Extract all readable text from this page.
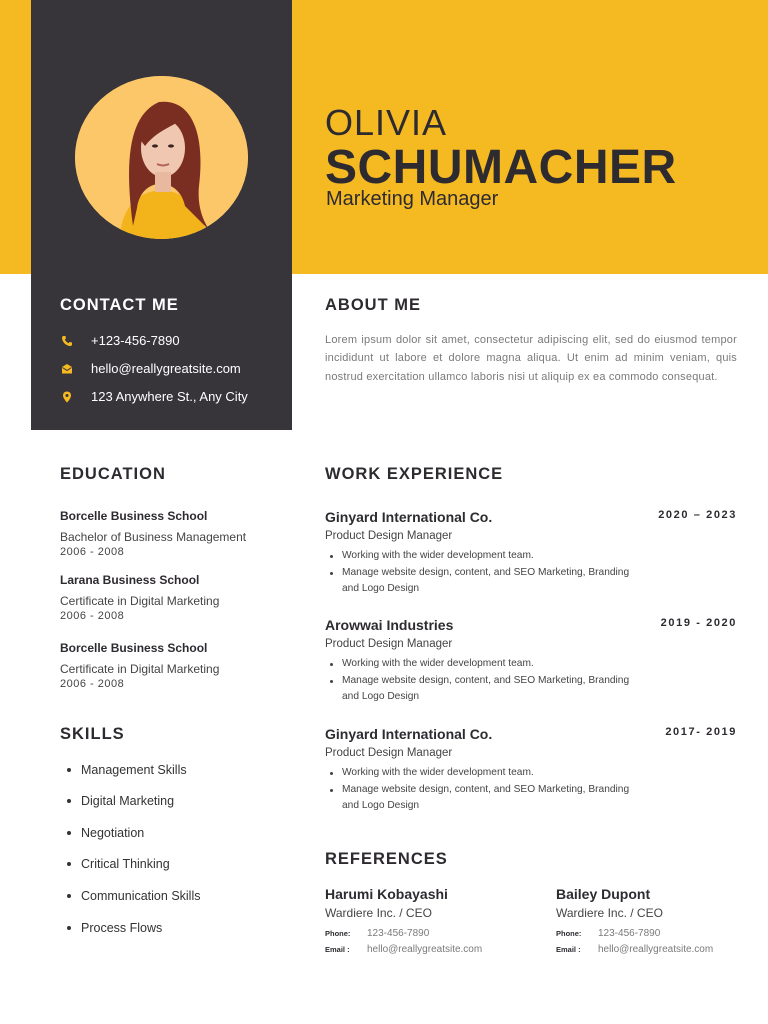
OLIVIA
SCHUMACHER
Marketing Manager
CONTACT ME
+123-456-7890
hello@reallygreatsite.com
123 Anywhere St., Any City
ABOUT ME
Lorem ipsum dolor sit amet, consectetur adipiscing elit, sed do eiusmod tempor incididunt ut labore et dolore magna aliqua. Ut enim ad minim veniam, quis nostrud exercitation ullamco laboris nisi ut aliquip ex ea commodo consequat.
EDUCATION
Borcelle Business School
Bachelor of Business Management
2006 - 2008
Larana Business School
Certificate in Digital Marketing
2006 - 2008
Borcelle Business School
Certificate in Digital Marketing
2006 - 2008
SKILLS
Management Skills
Digital Marketing
Negotiation
Critical Thinking
Communication Skills
Process Flows
WORK EXPERIENCE
Ginyard International Co.	2020 – 2023
Product Design Manager
Working with the wider development team.
Manage website design, content, and SEO Marketing, Branding and Logo Design
Arowwai Industries	2019 - 2020
Product Design Manager
Working with the wider development team.
Manage website design, content, and SEO Marketing, Branding and Logo Design
Ginyard International Co.	2017- 2019
Product Design Manager
Working with the wider development team.
Manage website design, content, and SEO Marketing, Branding and Logo Design
REFERENCES
Harumi Kobayashi
Wardiere Inc. / CEO
Phone:	123-456-7890
Email :	hello@reallygreatsite.com
Bailey Dupont
Wardiere Inc. / CEO
Phone:	123-456-7890
Email :	hello@reallygreatsite.com
